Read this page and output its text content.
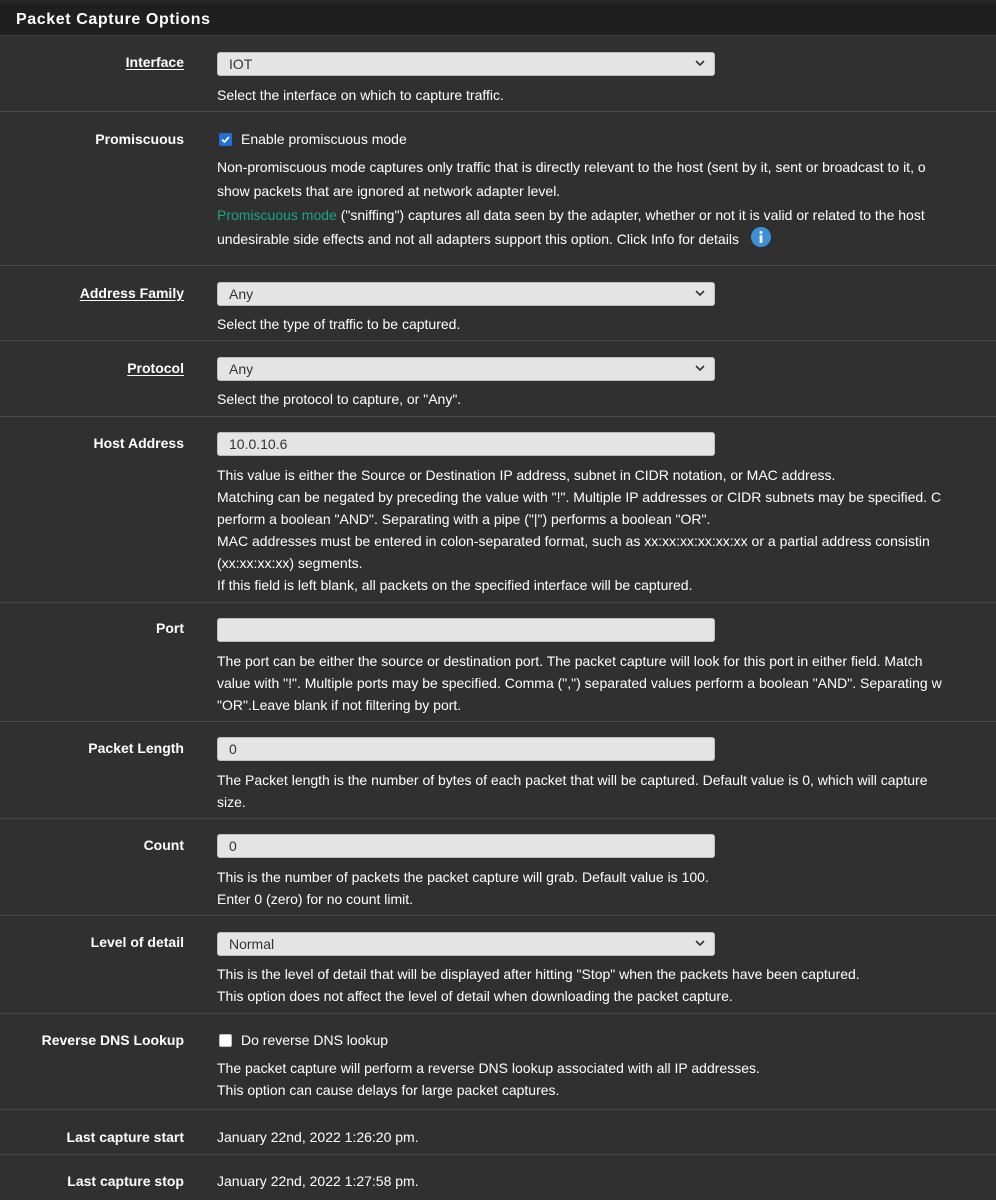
Packet Capture Options
Interface	IOT
Select the interface on which to capture traffic.
Promiscuous	Enable promiscuous mode
Non-promiscuous mode captures only traffic that is directly relevant to the host (sent by it, sent or broadcast to it, o
show packets that are ignored at network adapter level.
Promiscuous mode ("sniffing") captures all data seen by the adapter, whether or not it is valid or related to the host
undesirable side effects and not all adapters support this option. Click Info for details
Address Family	Any
Select the type of traffic to be captured.
Protocol	Any
Select the protocol to capture, or "Any".
Host Address	10.0.10.6
This value is either the Source or Destination IP address, subnet in CIDR notation, or MAC address.
Matching can be negated by preceding the value with "!". Multiple IP addresses or CIDR subnets may be specified. C
perform a boolean "AND". Separating with a pipe ("|") performs a boolean "OR".
MAC addresses must be entered in colon-separated format, such as xx:xx:xx:xx:xx:xx or a partial address consistin
(xx:xx:xx:xx) segments.
If this field is left blank, all packets on the specified interface will be captured.
Port
The port can be either the source or destination port. The packet capture will look for this port in either field. Match
value with "!". Multiple ports may be specified. Comma (",") separated values perform a boolean "AND". Separating w
"OR".Leave blank if not filtering by port.
Packet Length	0
The Packet length is the number of bytes of each packet that will be captured. Default value is 0, which will capture
size.
Count	0
This is the number of packets the packet capture will grab. Default value is 100.
Enter 0 (zero) for no count limit.
Level of detail	Normal
This is the level of detail that will be displayed after hitting "Stop" when the packets have been captured.
This option does not affect the level of detail when downloading the packet capture.
Reverse DNS Lookup	Do reverse DNS lookup
The packet capture will perform a reverse DNS lookup associated with all IP addresses.
This option can cause delays for large packet captures.
Last capture start January 22nd, 2022 1:26:20 pm.
Last capture stop January 22nd, 2022 1:27:58 pm.
